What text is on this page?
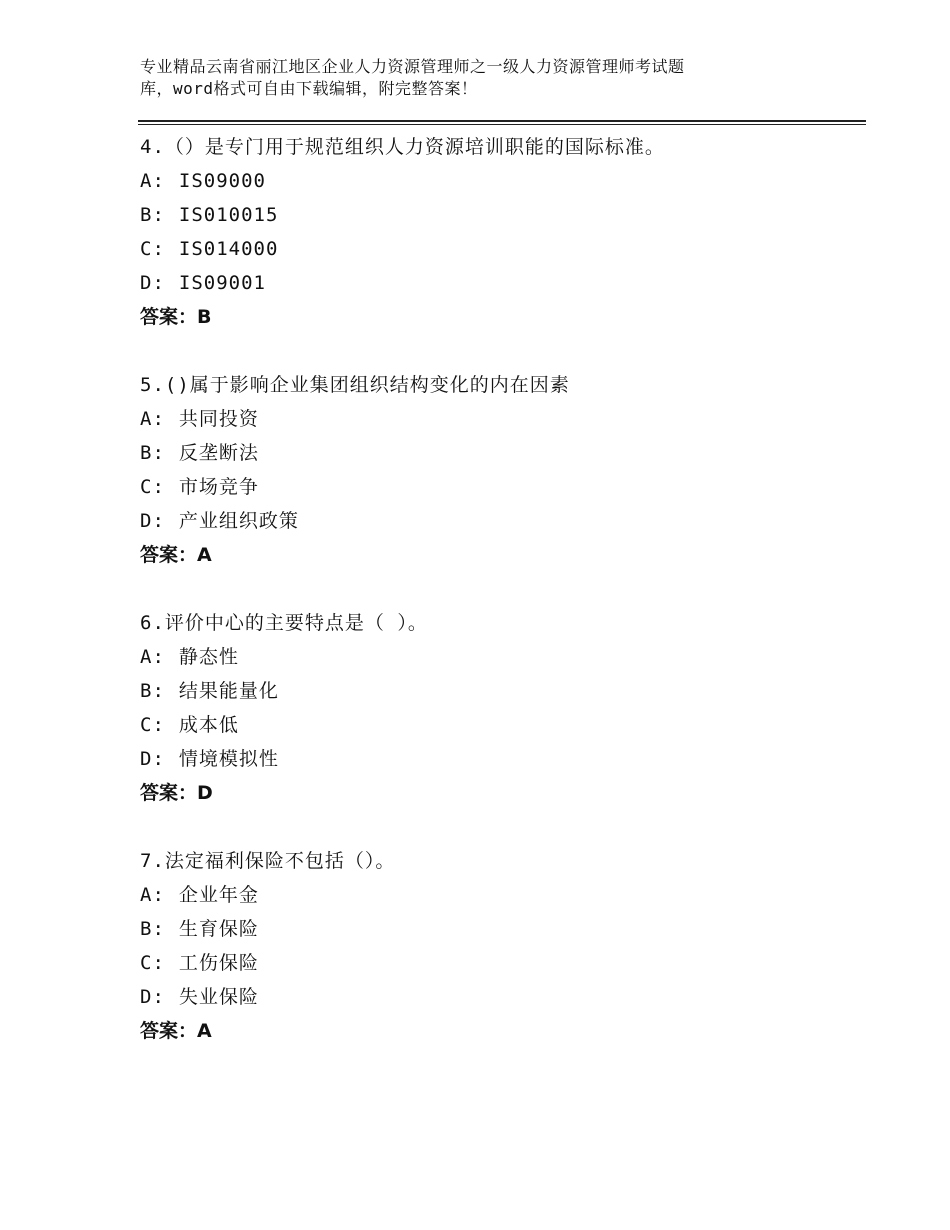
专业精品云南省丽江地区企业人力资源管理师之一级人力资源管理师考试题
库，word格式可自由下载编辑，附完整答案！
4.（）是专门用于规范组织人力资源培训职能的国际标准。
A: IS09000
B: IS010015
C: IS014000
D: IS09001
答案：B
5.()属于影响企业集团组织结构变化的内在因素
A: 共同投资
B: 反垄断法
C: 市场竞争
D: 产业组织政策
答案：A
6.评价中心的主要特点是（ ）。
A: 静态性
B: 结果能量化
C: 成本低
D: 情境模拟性
答案：D
7.法定福利保险不包括（）。
A: 企业年金
B: 生育保险
C: 工伤保险
D: 失业保险
答案：A
